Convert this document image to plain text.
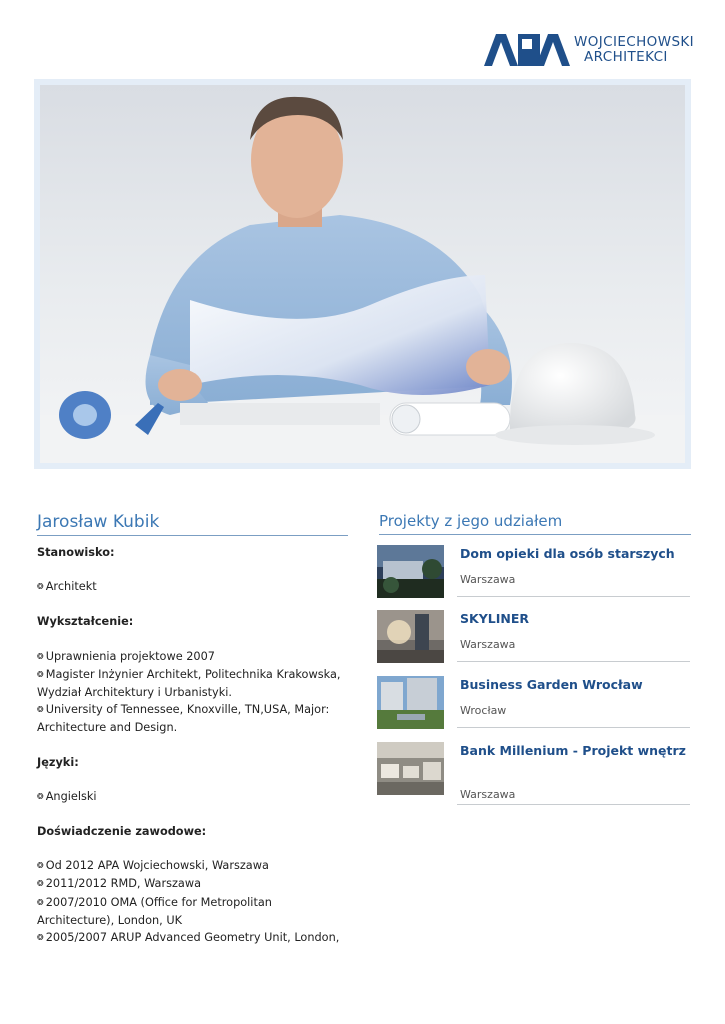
WOJCIECHOWSKI
ARCHITEKCI
Jarosław Kubik	Projekty z jego udziałem
Stanowisko:
❂ Architekt
Wykształcenie:
❂ Uprawnienia projektowe 2007
❂ Magister Inżynier Architekt, Politechnika Krakowska, Wydział Architektury i Urbanistyki.
❂ University of Tennessee, Knoxville, TN,USA, Major: Architecture and Design.
Języki:
❂ Angielski
Doświadczenie zawodowe:
❂ Od 2012 APA Wojciechowski, Warszawa
❂ 2011/2012 RMD, Warszawa
❂ 2007/2010 OMA (Office for Metropolitan Architecture), London, UK
❂ 2005/2007 ARUP Advanced Geometry Unit, London,
Dom opieki dla osób starszych
Warszawa
SKYLINER
Warszawa
Business Garden Wrocław
Wrocław
Bank Millenium - Projekt wnętrz
Warszawa
